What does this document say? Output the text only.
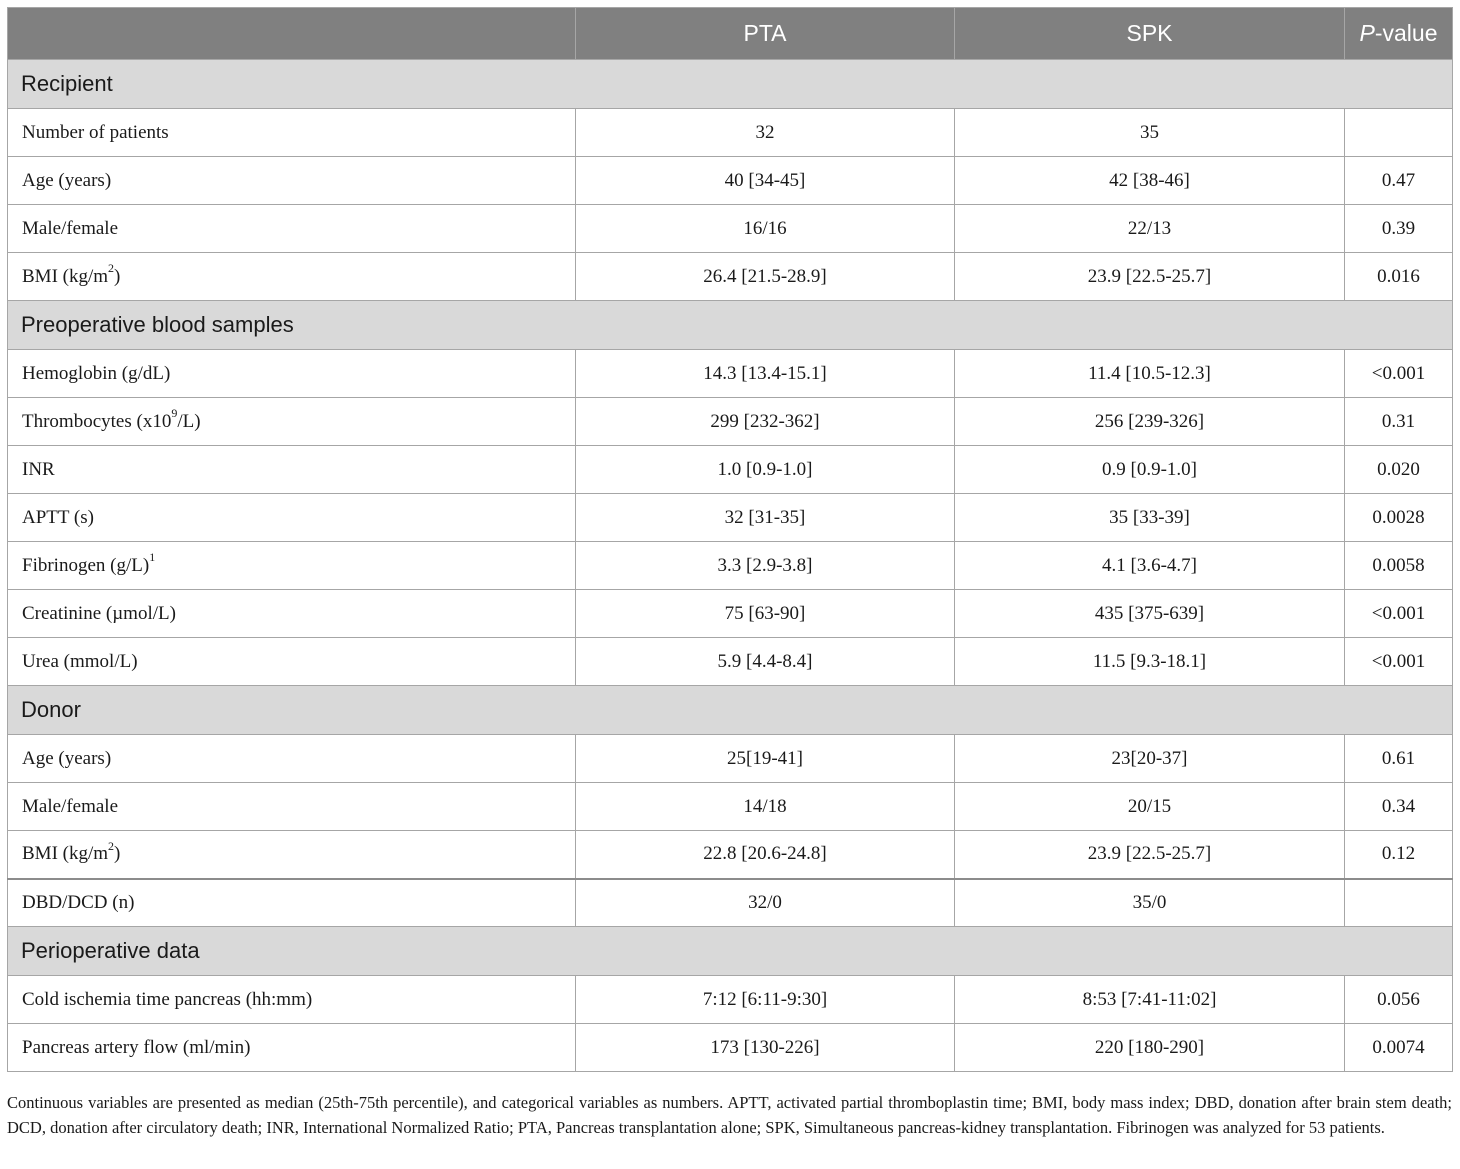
	PTA	SPK	P-value
Recipient			
Number of patients	32	35	
Age (years)	40 [34-45]	42 [38-46]	0.47
Male/female	16/16	22/13	0.39
BMI $(kg/m^2)$	26.4 [21.5-28.9]	23.9 [22.5-25.7]	0.016
Preoperative blood samples			
Hemoglobin (g/dL)	14.3 [13.4-15.1]	11.4 [10.5-12.3]	<0.001
Thrombocytes $(x10^9/L)$	299 [232-362]	256 [239-326]	0.31
INR	1.0 [0.9-1.0]	0.9 [0.9-1.0]	0.020
APTT (s)	32 [31-35]	35 [33-39]	0.0028
Fibrinogen $(g/L)^1$	3.3 [2.9-3.8]	4.1 [3.6-4.7]	0.0058
Creatinine (µmol/L)	75 [63-90]	435 [375-639]	<0.001
Urea (mmol/L)	5.9 [4.4-8.4]	11.5 [9.3-18.1]	<0.001
Donor			
Age (years)	25[19-41]	23[20-37]	0.61
Male/female	14/18	20/15	0.34
BMI $(kg/m^2)$	22.8 [20.6-24.8]	23.9 [22.5-25.7]	0.12
DBD/DCD (n)	32/0	35/0	
Perioperative data			
Cold ischemia time pancreas (hh:mm)	7:12 [6:11-9:30]	8:53 [7:41-11:02]	0.056
Pancreas artery flow (ml/min)	173 [130-226]	220 [180-290]	0.0074
Continuous variables are presented as median (25th-75th percentile), and categorical variables as numbers. APTT, activated partial thromboplastin time; BMI, body mass index; DBD, donation after brain stem death; DCD, donation after circulatory death; INR, International Normalized Ratio; PTA, Pancreas transplantation alone; SPK, Simultaneous pancreas-kidney transplantation. Fibrinogen was analyzed for 53 patients.
